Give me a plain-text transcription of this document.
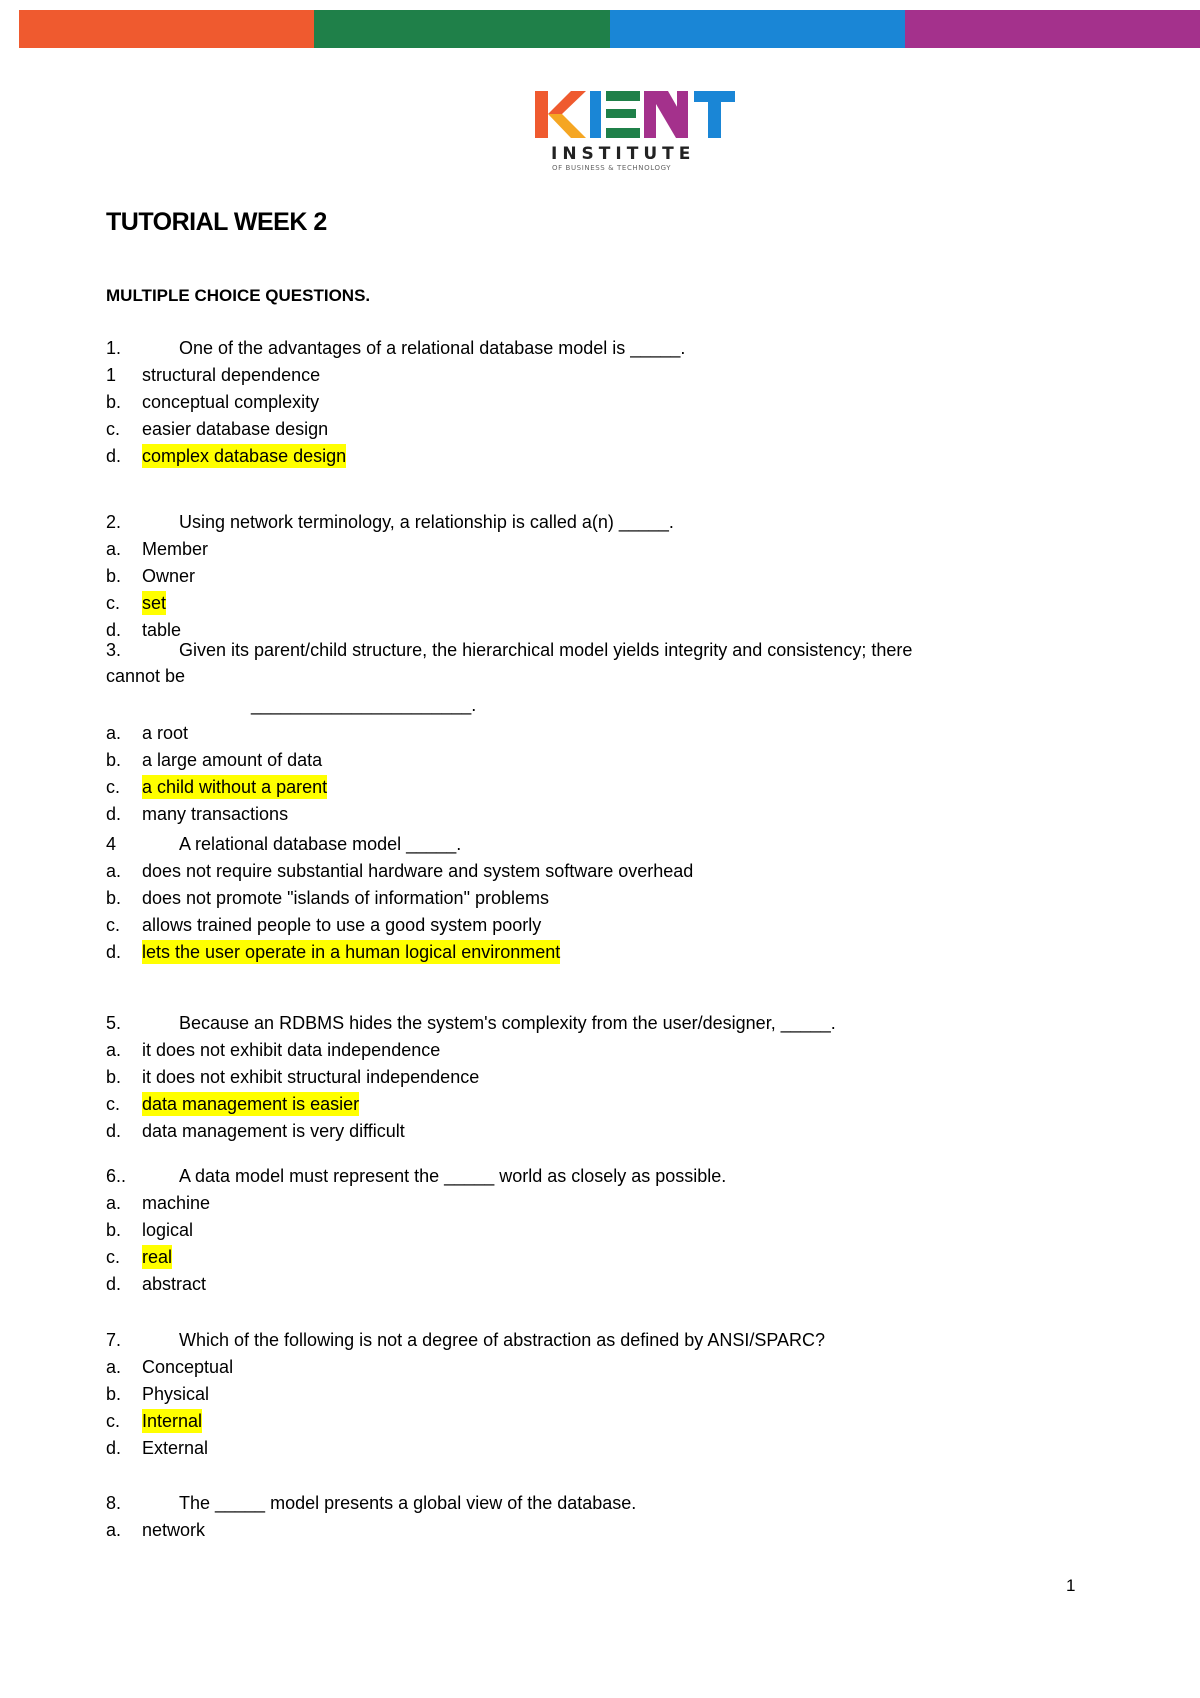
INSTITUTE
OF BUSINESS & TECHNOLOGY
TUTORIAL WEEK 2
MULTIPLE CHOICE QUESTIONS.
1.	One of the advantages of a relational database model is _____.
1 structural dependence
b. conceptual complexity
c. easier database design
d. complex database design
2.	Using network terminology, a relationship is called a(n) _____.
a. Member
b. Owner
c. set
d. table
3.	Given its parent/child structure, the hierarchical model yields integrity and consistency; there
cannot be
______________________.
a. a root
b. a large amount of data
c. a child without a parent
d. many transactions
4	A relational database model _____.
a. does not require substantial hardware and system software overhead
b. does not promote "islands of information" problems
c. allows trained people to use a good system poorly
d. lets the user operate in a human logical environment
5.	Because an RDBMS hides the system's complexity from the user/designer, _____.
a. it does not exhibit data independence
b. it does not exhibit structural independence
c. data management is easier
d. data management is very difficult
6..	A data model must represent the _____ world as closely as possible.
a. machine
b. logical
c. real
d. abstract
7.	Which of the following is not a degree of abstraction as defined by ANSI/SPARC?
a. Conceptual
b. Physical
c. Internal
d. External
8.	The _____ model presents a global view of the database.
a. network
1
